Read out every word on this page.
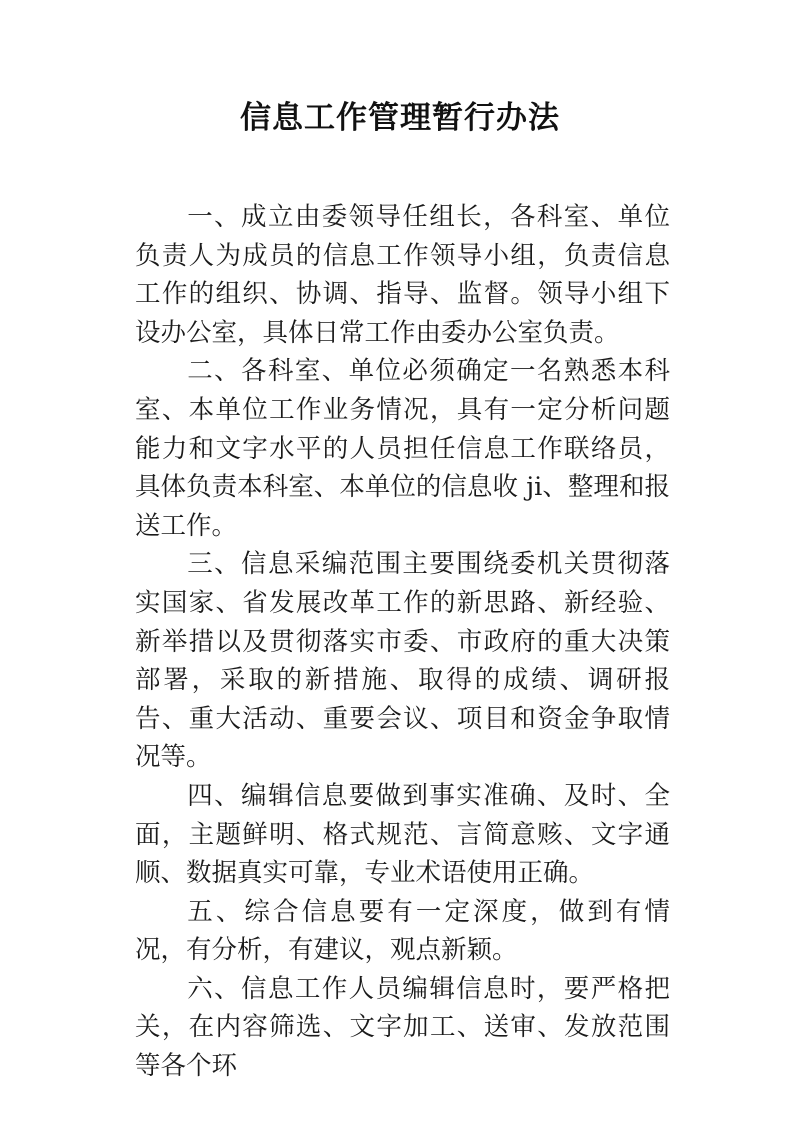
信息工作管理暂行办法

一、成立由委领导任组长，各科室、单位负责人为成员的信息工作领导小组，负责信息工作的组织、协调、指导、监督。领导小组下设办公室，具体日常工作由委办公室负责。

二、各科室、单位必须确定一名熟悉本科室、本单位工作业务情况，具有一定分析问题能力和文字水平的人员担任信息工作联络员，具体负责本科室、本单位的信息收 ji、整理和报送工作。

三、信息采编范围主要围绕委机关贯彻落实国家、省发展改革工作的新思路、新经验、新举措以及贯彻落实市委、市政府的重大决策部署，采取的新措施、取得的成绩、调研报告、重大活动、重要会议、项目和资金争取情况等。

四、编辑信息要做到事实准确、及时、全面，主题鲜明、格式规范、言简意赅、文字通顺、数据真实可靠，专业术语使用正确。

五、综合信息要有一定深度，做到有情况，有分析，有建议，观点新颖。

六、信息工作人员编辑信息时，要严格把关，在内容筛选、文字加工、送审、发放范围等各个环
